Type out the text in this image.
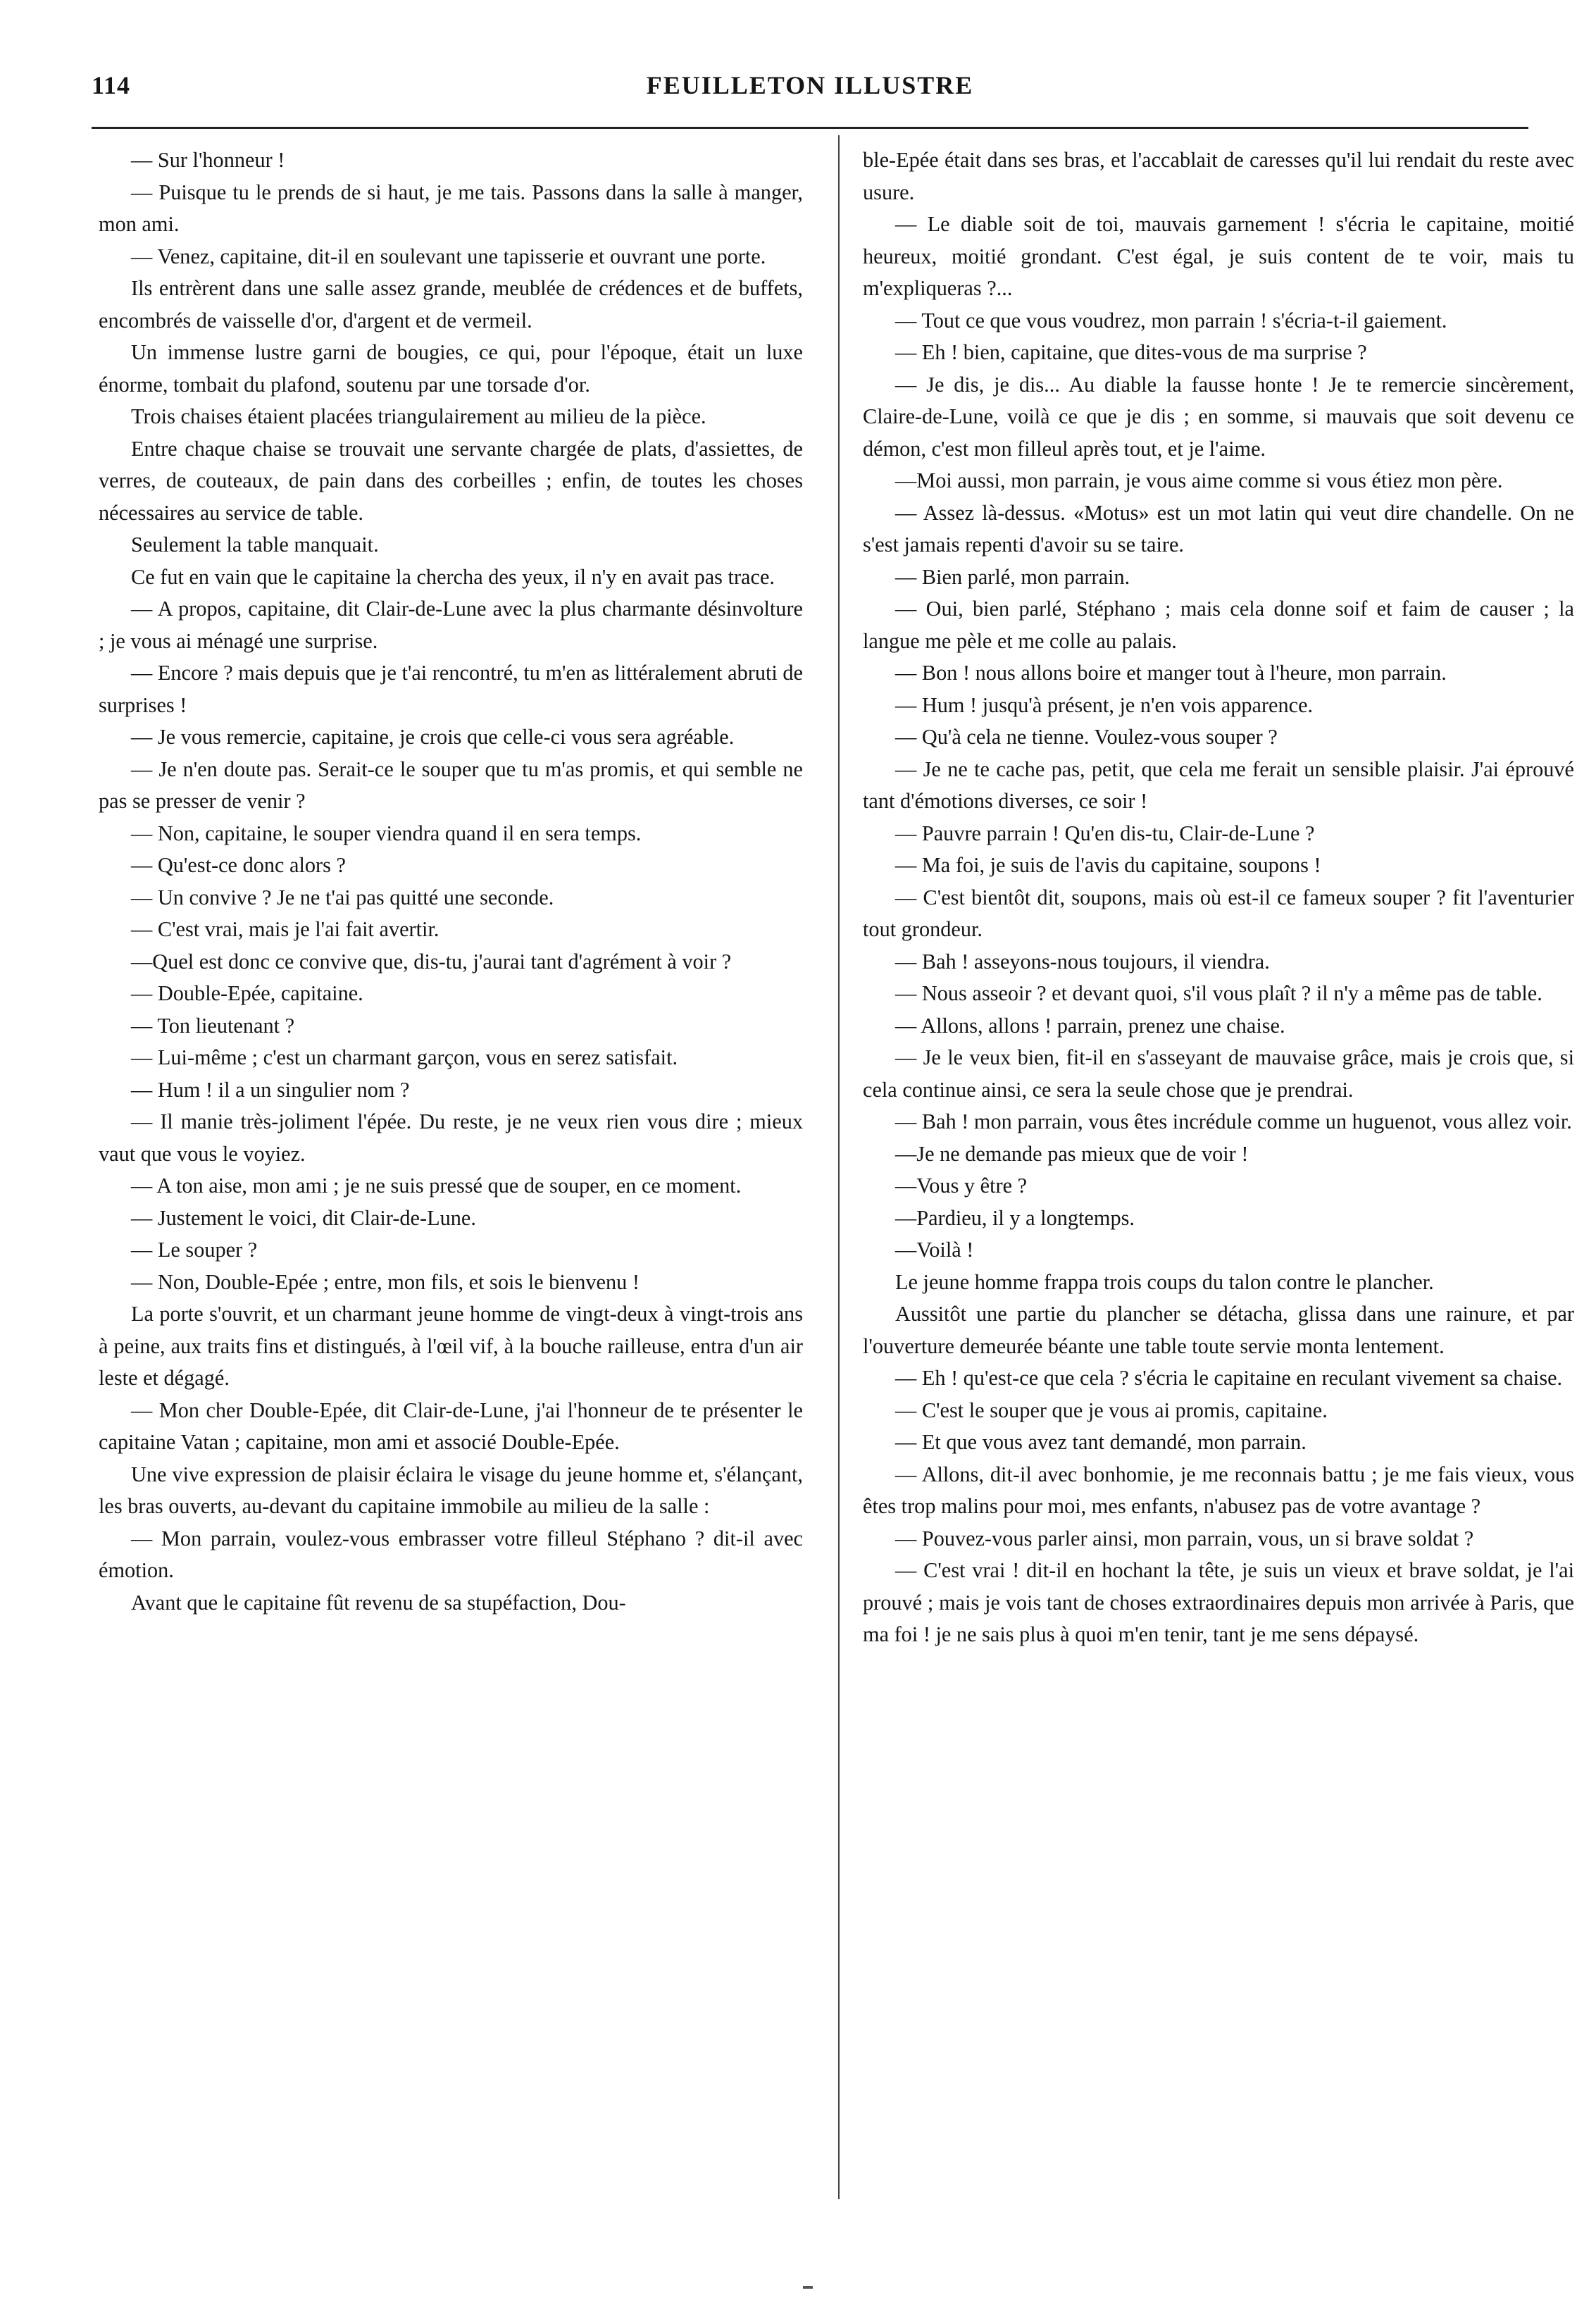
114	FEUILLETON ILLUSTRE

— Sur l'honneur !

— Puisque tu le prends de si haut, je me tais. Passons dans la salle à manger, mon ami.

— Venez, capitaine, dit-il en soulevant une tapisserie et ouvrant une porte.

Ils entrèrent dans une salle assez grande, meublée de crédences et de buffets, encombrés de vaisselle d'or, d'argent et de vermeil.

Un immense lustre garni de bougies, ce qui, pour l'époque, était un luxe énorme, tombait du plafond, soutenu par une torsade d'or.

Trois chaises étaient placées triangulairement au milieu de la pièce.

Entre chaque chaise se trouvait une servante chargée de plats, d'assiettes, de verres, de couteaux, de pain dans des corbeilles ; enfin, de toutes les choses nécessaires au service de table.

Seulement la table manquait.

Ce fut en vain que le capitaine la chercha des yeux, il n'y en avait pas trace.

— A propos, capitaine, dit Clair-de-Lune avec la plus charmante désinvolture ; je vous ai ménagé une surprise.

— Encore ? mais depuis que je t'ai rencontré, tu m'en as littéralement abruti de surprises !

— Je vous remercie, capitaine, je crois que celle-ci vous sera agréable.

— Je n'en doute pas. Serait-ce le souper que tu m'as promis, et qui semble ne pas se presser de venir ?

— Non, capitaine, le souper viendra quand il en sera temps.

— Qu'est-ce donc alors ?

— Un convive ? Je ne t'ai pas quitté une seconde.

— C'est vrai, mais je l'ai fait avertir.

—Quel est donc ce convive que, dis-tu, j'aurai tant d'agrément à voir ?

— Double-Epée, capitaine.

— Ton lieutenant ?

— Lui-même ; c'est un charmant garçon, vous en serez satisfait.

— Hum ! il a un singulier nom ?

— Il manie très-joliment l'épée. Du reste, je ne veux rien vous dire ; mieux vaut que vous le voyiez.

— A ton aise, mon ami ; je ne suis pressé que de souper, en ce moment.

— Justement le voici, dit Clair-de-Lune.

— Le souper ?

— Non, Double-Epée ; entre, mon fils, et sois le bienvenu !

La porte s'ouvrit, et un charmant jeune homme de vingt-deux à vingt-trois ans à peine, aux traits fins et distingués, à l'œil vif, à la bouche railleuse, entra d'un air leste et dégagé.

— Mon cher Double-Epée, dit Clair-de-Lune, j'ai l'honneur de te présenter le capitaine Vatan ; capitaine, mon ami et associé Double-Epée.

Une vive expression de plaisir éclaira le visage du jeune homme et, s'élançant, les bras ouverts, au-devant du capitaine immobile au milieu de la salle :

— Mon parrain, voulez-vous embrasser votre filleul Stéphano ? dit-il avec émotion.

Avant que le capitaine fût revenu de sa stupéfaction, Dou-

ble-Epée était dans ses bras, et l'accablait de caresses qu'il lui rendait du reste avec usure.

— Le diable soit de toi, mauvais garnement ! s'écria le capitaine, moitié heureux, moitié grondant. C'est égal, je suis content de te voir, mais tu m'expliqueras ?...

— Tout ce que vous voudrez, mon parrain ! s'écria-t-il gaiement.

— Eh ! bien, capitaine, que dites-vous de ma surprise ?

— Je dis, je dis... Au diable la fausse honte ! Je te remercie sincèrement, Claire-de-Lune, voilà ce que je dis ; en somme, si mauvais que soit devenu ce démon, c'est mon filleul après tout, et je l'aime.

—Moi aussi, mon parrain, je vous aime comme si vous étiez mon père.

— Assez là-dessus. «Motus» est un mot latin qui veut dire chandelle. On ne s'est jamais repenti d'avoir su se taire.

— Bien parlé, mon parrain.

— Oui, bien parlé, Stéphano ; mais cela donne soif et faim de causer ; la langue me pèle et me colle au palais.

— Bon ! nous allons boire et manger tout à l'heure, mon parrain.

— Hum ! jusqu'à présent, je n'en vois apparence.

— Qu'à cela ne tienne. Voulez-vous souper ?

— Je ne te cache pas, petit, que cela me ferait un sensible plaisir. J'ai éprouvé tant d'émotions diverses, ce soir !

— Pauvre parrain ! Qu'en dis-tu, Clair-de-Lune ?

— Ma foi, je suis de l'avis du capitaine, soupons !

— C'est bientôt dit, soupons, mais où est-il ce fameux souper ? fit l'aventurier tout grondeur.

— Bah ! asseyons-nous toujours, il viendra.

— Nous asseoir ? et devant quoi, s'il vous plaît ? il n'y a même pas de table.

— Allons, allons ! parrain, prenez une chaise.

— Je le veux bien, fit-il en s'asseyant de mauvaise grâce, mais je crois que, si cela continue ainsi, ce sera la seule chose que je prendrai.

— Bah ! mon parrain, vous êtes incrédule comme un huguenot, vous allez voir.

—Je ne demande pas mieux que de voir !

—Vous y être ?

—Pardieu, il y a longtemps.

—Voilà !

Le jeune homme frappa trois coups du talon contre le plancher.

Aussitôt une partie du plancher se détacha, glissa dans une rainure, et par l'ouverture demeurée béante une table toute servie monta lentement.

— Eh ! qu'est-ce que cela ? s'écria le capitaine en reculant vivement sa chaise.

— C'est le souper que je vous ai promis, capitaine.

— Et que vous avez tant demandé, mon parrain.

— Allons, dit-il avec bonhomie, je me reconnais battu ; je me fais vieux, vous êtes trop malins pour moi, mes enfants, n'abusez pas de votre avantage ?

— Pouvez-vous parler ainsi, mon parrain, vous, un si brave soldat ?

— C'est vrai ! dit-il en hochant la tête, je suis un vieux et brave soldat, je l'ai prouvé ; mais je vois tant de choses extraordinaires depuis mon arrivée à Paris, que ma foi ! je ne sais plus à quoi m'en tenir, tant je me sens dépaysé.
